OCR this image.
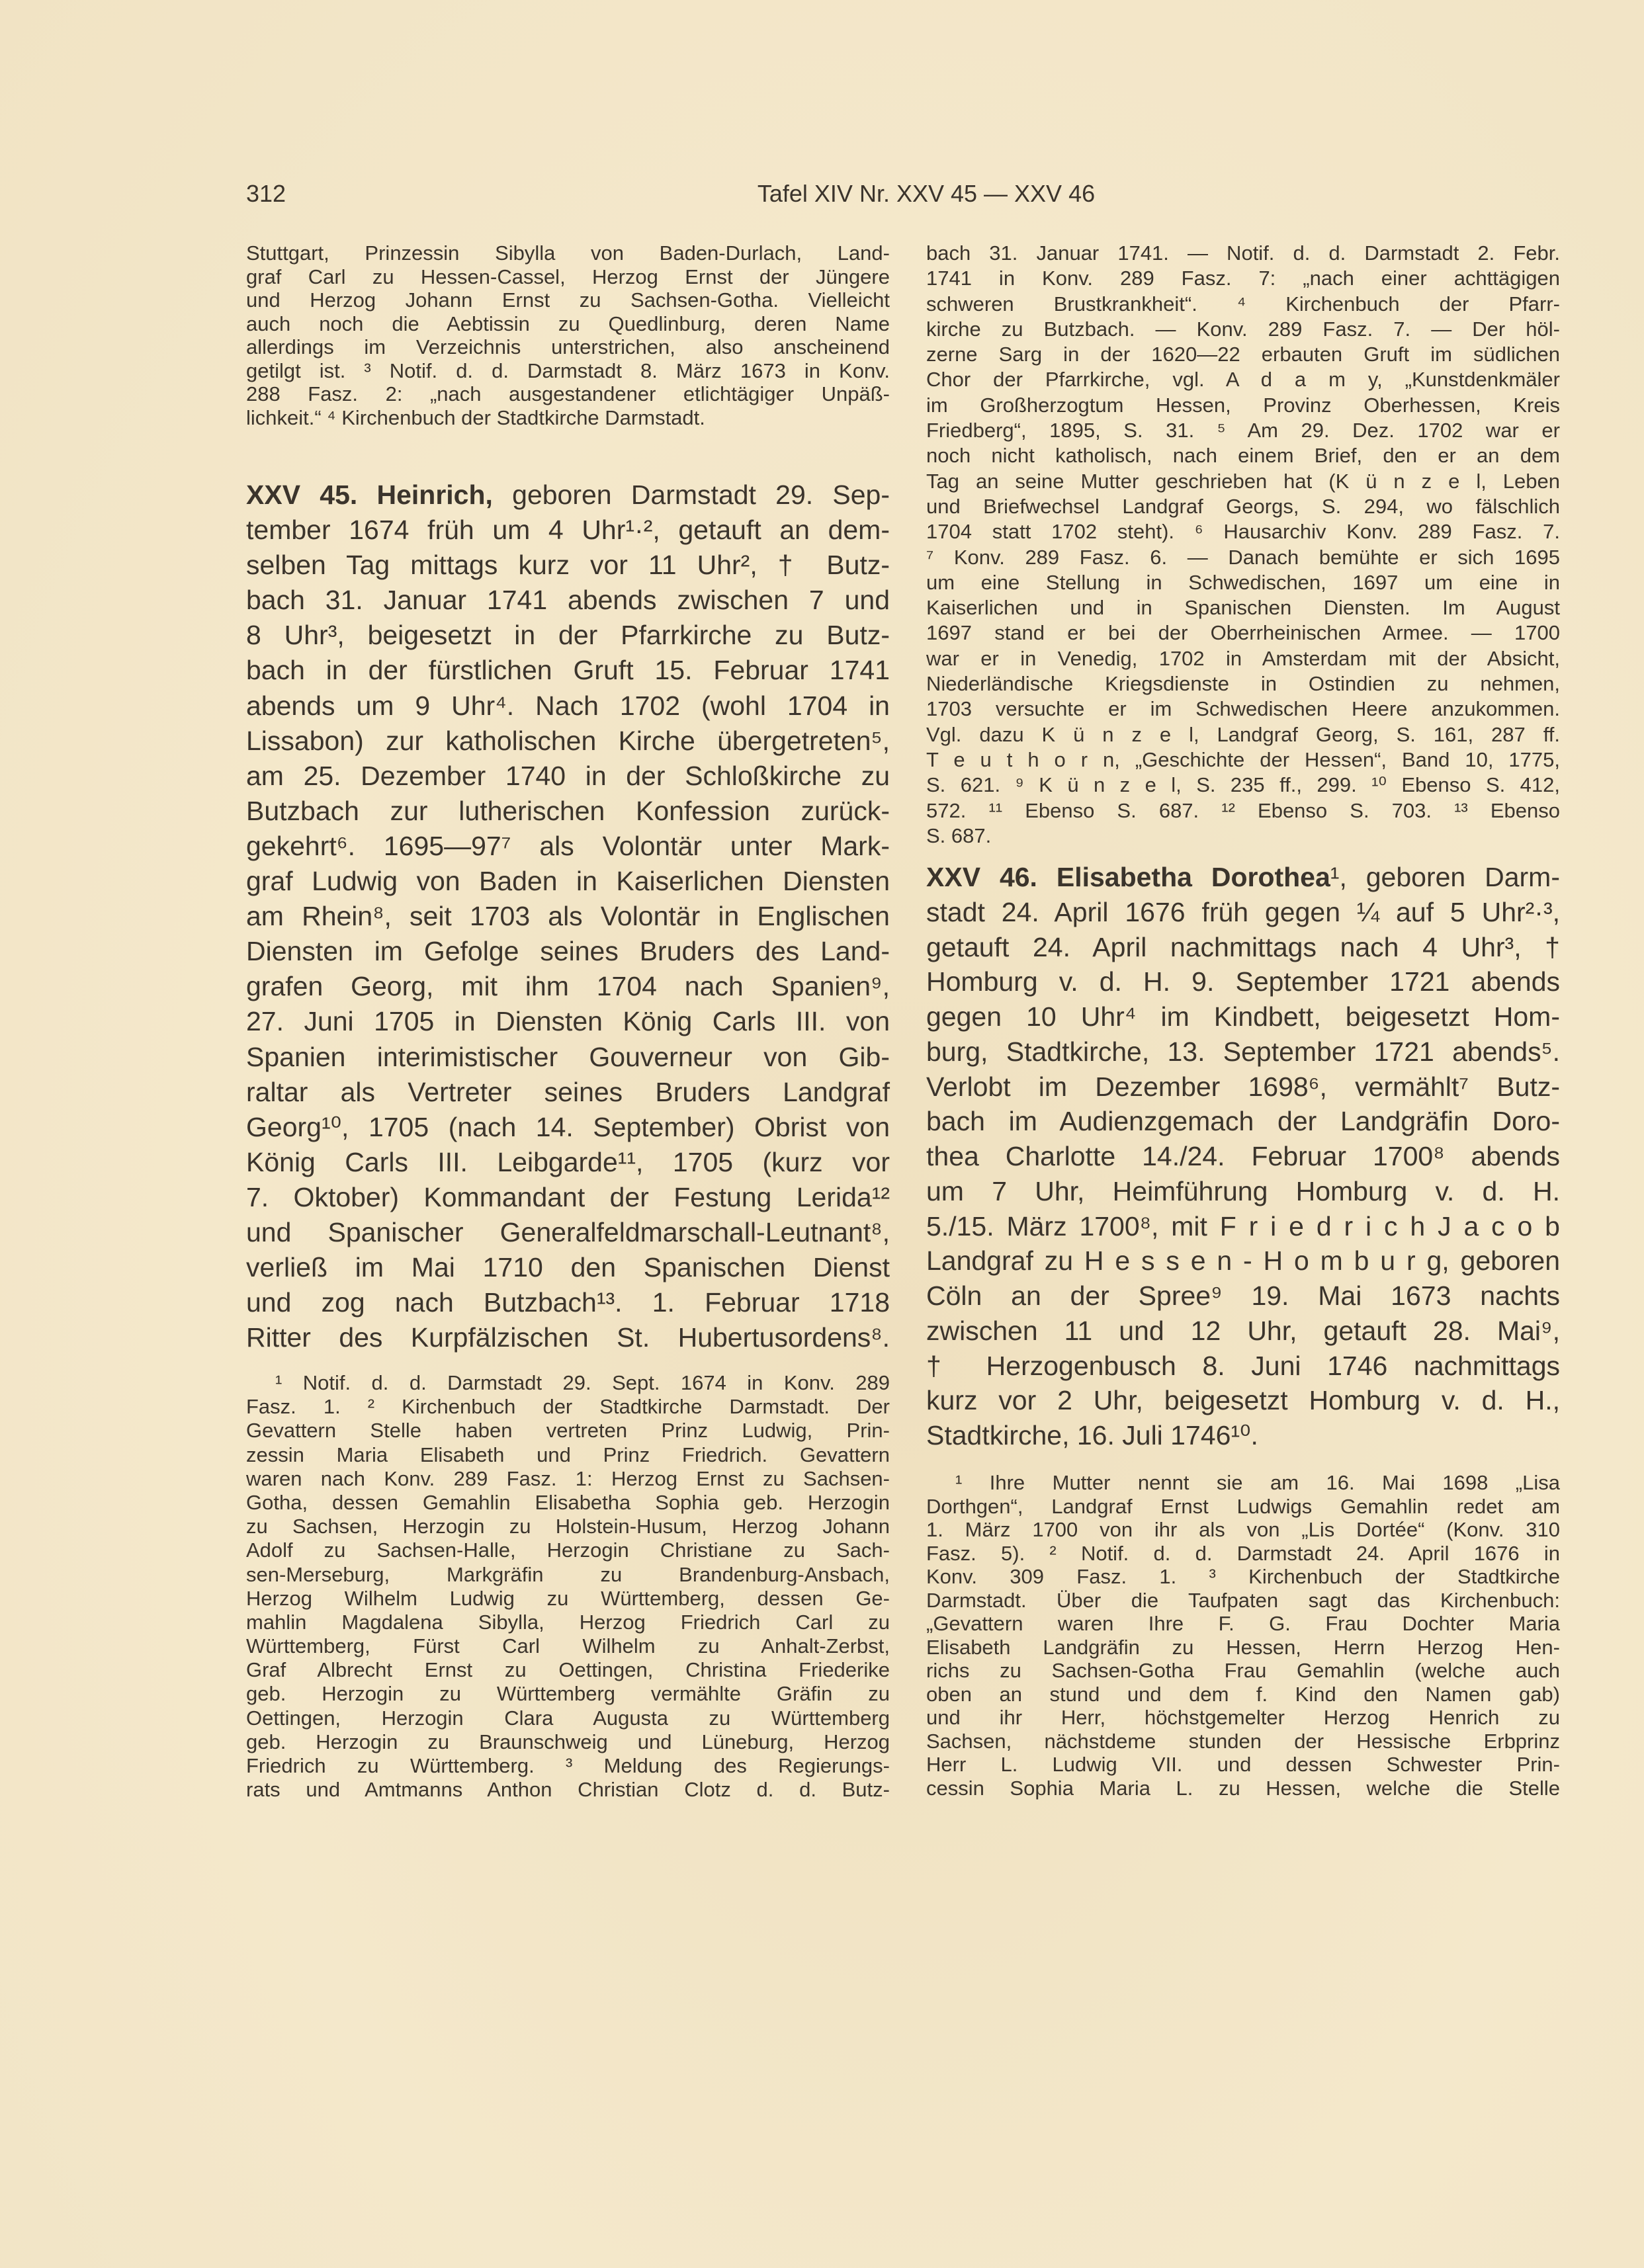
312	Tafel XIV Nr. XXV 45 — XXV 46
Stuttgart, Prinzessin Sibylla von Baden-Durlach, Land-
graf Carl zu Hessen-Cassel, Herzog Ernst der Jüngere
und Herzog Johann Ernst zu Sachsen-Gotha. Vielleicht
auch noch die Aebtissin zu Quedlinburg, deren Name
allerdings im Verzeichnis unterstrichen, also anscheinend
getilgt ist. ³ Notif. d. d. Darmstadt 8. März 1673 in Konv.
288 Fasz. 2: „nach ausgestandener etlichtägiger Unpäß-
lichkeit.“ ⁴ Kirchenbuch der Stadtkirche Darmstadt.
XXV 45. Heinrich, geboren Darmstadt 29. Sep-
tember 1674 früh um 4 Uhr¹·², getauft an dem-
selben Tag mittags kurz vor 11 Uhr², † Butz-
bach 31. Januar 1741 abends zwischen 7 und
8 Uhr³, beigesetzt in der Pfarrkirche zu Butz-
bach in der fürstlichen Gruft 15. Februar 1741
abends um 9 Uhr⁴. Nach 1702 (wohl 1704 in
Lissabon) zur katholischen Kirche übergetreten⁵,
am 25. Dezember 1740 in der Schloßkirche zu
Butzbach zur lutherischen Konfession zurück-
gekehrt⁶. 1695—97⁷ als Volontär unter Mark-
graf Ludwig von Baden in Kaiserlichen Diensten
am Rhein⁸, seit 1703 als Volontär in Englischen
Diensten im Gefolge seines Bruders des Land-
grafen Georg, mit ihm 1704 nach Spanien⁹,
27. Juni 1705 in Diensten König Carls III. von
Spanien interimistischer Gouverneur von Gib-
raltar als Vertreter seines Bruders Landgraf
Georg¹⁰, 1705 (nach 14. September) Obrist von
König Carls III. Leibgarde¹¹, 1705 (kurz vor
7. Oktober) Kommandant der Festung Lerida¹²
und Spanischer Generalfeldmarschall-Leutnant⁸,
verließ im Mai 1710 den Spanischen Dienst
und zog nach Butzbach¹³. 1. Februar 1718
Ritter des Kurpfälzischen St. Hubertusordens⁸.
¹ Notif. d. d. Darmstadt 29. Sept. 1674 in Konv. 289
Fasz. 1. ² Kirchenbuch der Stadtkirche Darmstadt. Der
Gevattern Stelle haben vertreten Prinz Ludwig, Prin-
zessin Maria Elisabeth und Prinz Friedrich. Gevattern
waren nach Konv. 289 Fasz. 1: Herzog Ernst zu Sachsen-
Gotha, dessen Gemahlin Elisabetha Sophia geb. Herzogin
zu Sachsen, Herzogin zu Holstein-Husum, Herzog Johann
Adolf zu Sachsen-Halle, Herzogin Christiane zu Sach-
sen-Merseburg, Markgräfin zu Brandenburg-Ansbach,
Herzog Wilhelm Ludwig zu Württemberg, dessen Ge-
mahlin Magdalena Sibylla, Herzog Friedrich Carl zu
Württemberg, Fürst Carl Wilhelm zu Anhalt-Zerbst,
Graf Albrecht Ernst zu Oettingen, Christina Friederike
geb. Herzogin zu Württemberg vermählte Gräfin zu
Oettingen, Herzogin Clara Augusta zu Württemberg
geb. Herzogin zu Braunschweig und Lüneburg, Herzog
Friedrich zu Württemberg. ³ Meldung des Regierungs-
rats und Amtmanns Anthon Christian Clotz d. d. Butz-
bach 31. Januar 1741. — Notif. d. d. Darmstadt 2. Febr.
1741 in Konv. 289 Fasz. 7: „nach einer achttägigen
schweren Brustkrankheit“. ⁴ Kirchenbuch der Pfarr-
kirche zu Butzbach. — Konv. 289 Fasz. 7. — Der höl-
zerne Sarg in der 1620—22 erbauten Gruft im südlichen
Chor der Pfarrkirche, vgl. A d a m y, „Kunstdenkmäler
im Großherzogtum Hessen, Provinz Oberhessen, Kreis
Friedberg“, 1895, S. 31. ⁵ Am 29. Dez. 1702 war er
noch nicht katholisch, nach einem Brief, den er an dem
Tag an seine Mutter geschrieben hat (K ü n z e l, Leben
und Briefwechsel Landgraf Georgs, S. 294, wo fälschlich
1704 statt 1702 steht). ⁶ Hausarchiv Konv. 289 Fasz. 7.
⁷ Konv. 289 Fasz. 6. — Danach bemühte er sich 1695
um eine Stellung in Schwedischen, 1697 um eine in
Kaiserlichen und in Spanischen Diensten. Im August
1697 stand er bei der Oberrheinischen Armee. — 1700
war er in Venedig, 1702 in Amsterdam mit der Absicht,
Niederländische Kriegsdienste in Ostindien zu nehmen,
1703 versuchte er im Schwedischen Heere anzukommen.
Vgl. dazu K ü n z e l, Landgraf Georg, S. 161, 287 ff.
T e u t h o r n, „Geschichte der Hessen“, Band 10, 1775,
S. 621. ⁹ K ü n z e l, S. 235 ff., 299. ¹⁰ Ebenso S. 412,
572. ¹¹ Ebenso S. 687. ¹² Ebenso S. 703. ¹³ Ebenso
S. 687.
XXV 46. Elisabetha Dorothea¹, geboren Darm-
stadt 24. April 1676 früh gegen ¼ auf 5 Uhr²·³,
getauft 24. April nachmittags nach 4 Uhr³, †
Homburg v. d. H. 9. September 1721 abends
gegen 10 Uhr⁴ im Kindbett, beigesetzt Hom-
burg, Stadtkirche, 13. September 1721 abends⁵.
Verlobt im Dezember 1698⁶, vermählt⁷ Butz-
bach im Audienzgemach der Landgräfin Doro-
thea Charlotte 14./24. Februar 1700⁸ abends
um 7 Uhr, Heimführung Homburg v. d. H.
5./15. März 1700⁸, mit F r i e d r i c h J a c o b
Landgraf zu H e s s e n - H o m b u r g, geboren
Cöln an der Spree⁹ 19. Mai 1673 nachts
zwischen 11 und 12 Uhr, getauft 28. Mai⁹,
† Herzogenbusch 8. Juni 1746 nachmittags
kurz vor 2 Uhr, beigesetzt Homburg v. d. H.,
Stadtkirche, 16. Juli 1746¹⁰.
¹ Ihre Mutter nennt sie am 16. Mai 1698 „Lisa
Dorthgen“, Landgraf Ernst Ludwigs Gemahlin redet am
1. März 1700 von ihr als von „Lis Dortée“ (Konv. 310
Fasz. 5). ² Notif. d. d. Darmstadt 24. April 1676 in
Konv. 309 Fasz. 1. ³ Kirchenbuch der Stadtkirche
Darmstadt. Über die Taufpaten sagt das Kirchenbuch:
„Gevattern waren Ihre F. G. Frau Dochter Maria
Elisabeth Landgräfin zu Hessen, Herrn Herzog Hen-
richs zu Sachsen-Gotha Frau Gemahlin (welche auch
oben an stund und dem f. Kind den Namen gab)
und ihr Herr, höchstgemelter Herzog Henrich zu
Sachsen, nächstdeme stunden der Hessische Erbprinz
Herr L. Ludwig VII. und dessen Schwester Prin-
cessin Sophia Maria L. zu Hessen, welche die Stelle
